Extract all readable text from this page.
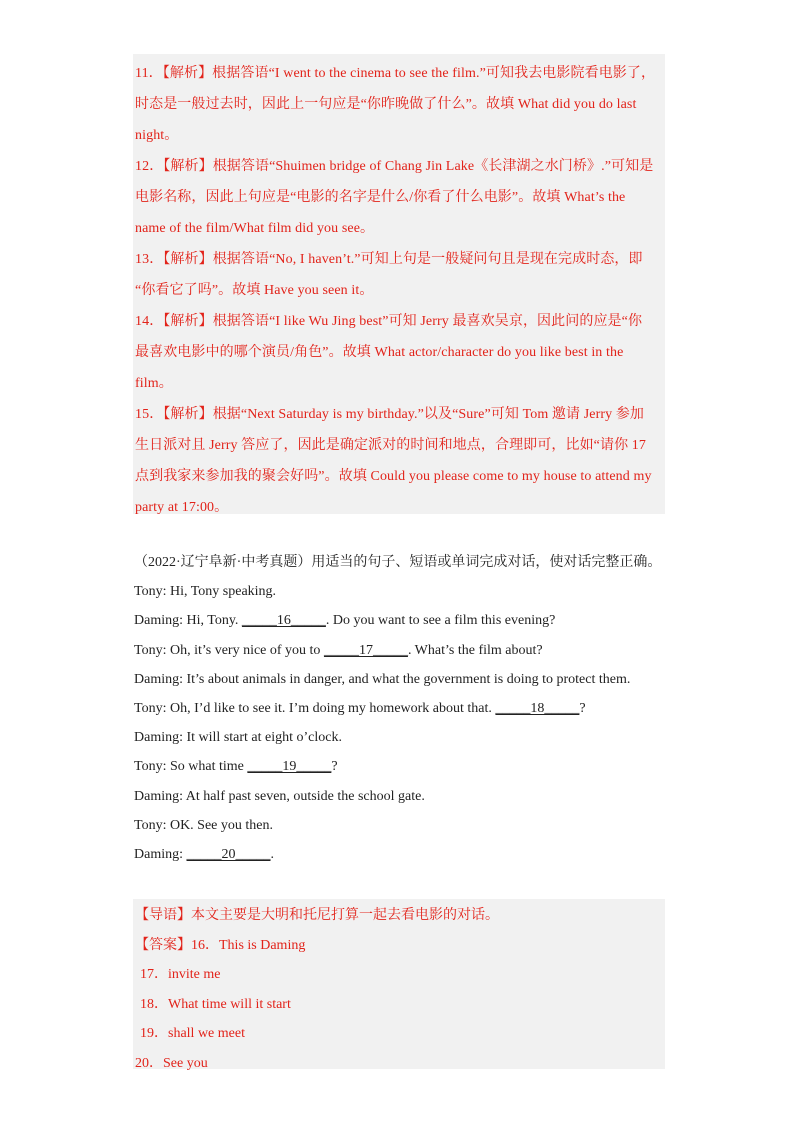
11．【解析】根据答语“I went to the cinema to see the film.”可知我去电影院看电影了，
时态是一般过去时，因此上一句应是“你昨晚做了什么”。故填 What did you do last
night。
12．【解析】根据答语“Shuimen bridge of Chang Jin Lake《长津湖之水门桥》.”可知是
电影名称，因此上句应是“电影的名字是什么/你看了什么电影”。故填 What’s the
name of the film/What film did you see。
13．【解析】根据答语“No, I haven’t.”可知上句是一般疑问句且是现在完成时态，即
“你看它了吗”。故填 Have you seen it。
14．【解析】根据答语“I like Wu Jing best”可知 Jerry 最喜欢吴京，因此问的应是“你
最喜欢电影中的哪个演员/角色”。故填 What actor/character do you like best in the
film。
15．【解析】根据“Next Saturday is my birthday.”以及“Sure”可知 Tom 邀请 Jerry 参加
生日派对且 Jerry 答应了，因此是确定派对的时间和地点，合理即可，比如“请你 17
点到我家来参加我的聚会好吗”。故填 Could you please come to my house to attend my
party at 17:00。
（2022·辽宁阜新·中考真题）用适当的句子、短语或单词完成对话，使对话完整正确。
Tony: Hi, Tony speaking.
Daming: Hi, Tony. _____16_____. Do you want to see a film this evening?
Tony: Oh, it’s very nice of you to _____17_____. What’s the film about?
Daming: It’s about animals in danger, and what the government is doing to protect them.
Tony: Oh, I’d like to see it. I’m doing my homework about that. _____18_____?
Daming: It will start at eight o’clock.
Tony: So what time _____19_____?
Daming: At half past seven, outside the school gate.
Tony: OK. See you then.
Daming: _____20_____.
【导语】本文主要是大明和托尼打算一起去看电影的对话。
【答案】16．This is Daming
17．invite me
18．What time will it start
19．shall we meet
20．See you
